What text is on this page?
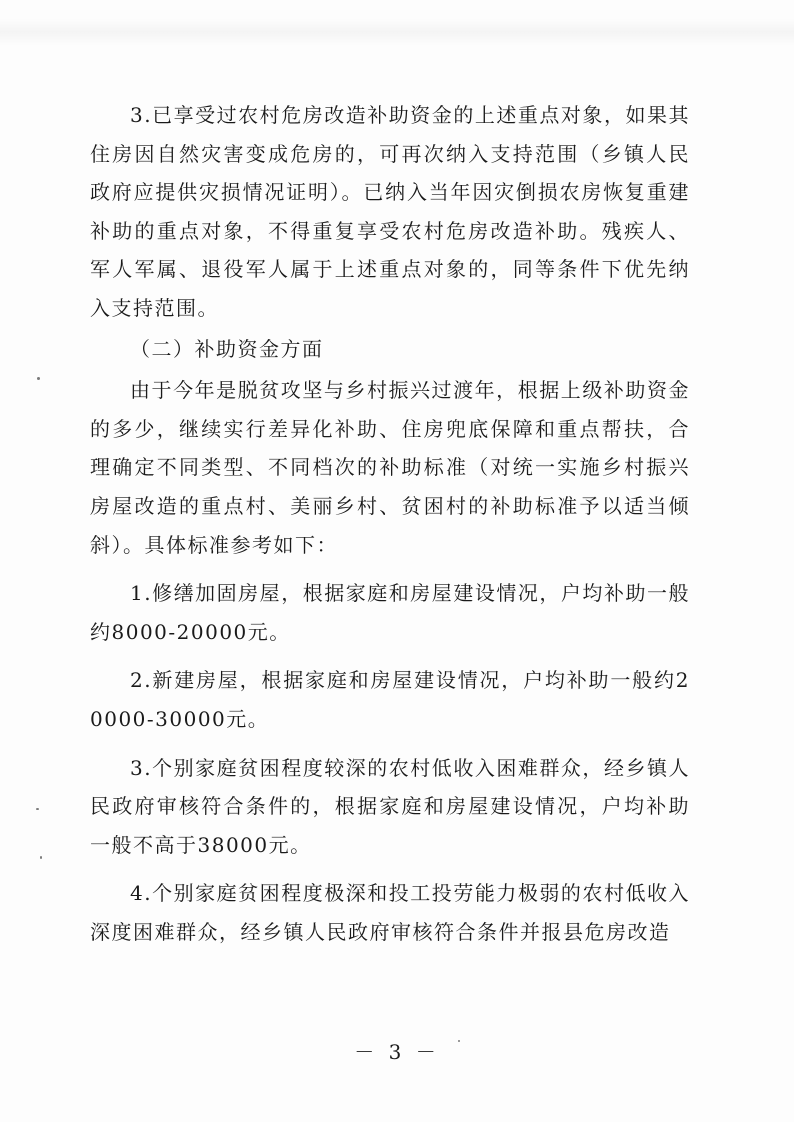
3.已享受过农村危房改造补助资金的上述重点对象，如果其住房因自然灾害变成危房的，可再次纳入支持范围（乡镇人民政府应提供灾损情况证明）。已纳入当年因灾倒损农房恢复重建补助的重点对象，不得重复享受农村危房改造补助。残疾人、军人军属、退役军人属于上述重点对象的，同等条件下优先纳入支持范围。

（二）补助资金方面

由于今年是脱贫攻坚与乡村振兴过渡年，根据上级补助资金的多少，继续实行差异化补助、住房兜底保障和重点帮扶，合理确定不同类型、不同档次的补助标准（对统一实施乡村振兴房屋改造的重点村、美丽乡村、贫困村的补助标准予以适当倾斜）。具体标准参考如下：

1.修缮加固房屋，根据家庭和房屋建设情况，户均补助一般约8000-20000元。

2.新建房屋，根据家庭和房屋建设情况，户均补助一般约20000-30000元。

3.个别家庭贫困程度较深的农村低收入困难群众，经乡镇人民政府审核符合条件的，根据家庭和房屋建设情况，户均补助一般不高于38000元。

4.个别家庭贫困程度极深和投工投劳能力极弱的农村低收入深度困难群众，经乡镇人民政府审核符合条件并报县危房改造

－ 3 －
